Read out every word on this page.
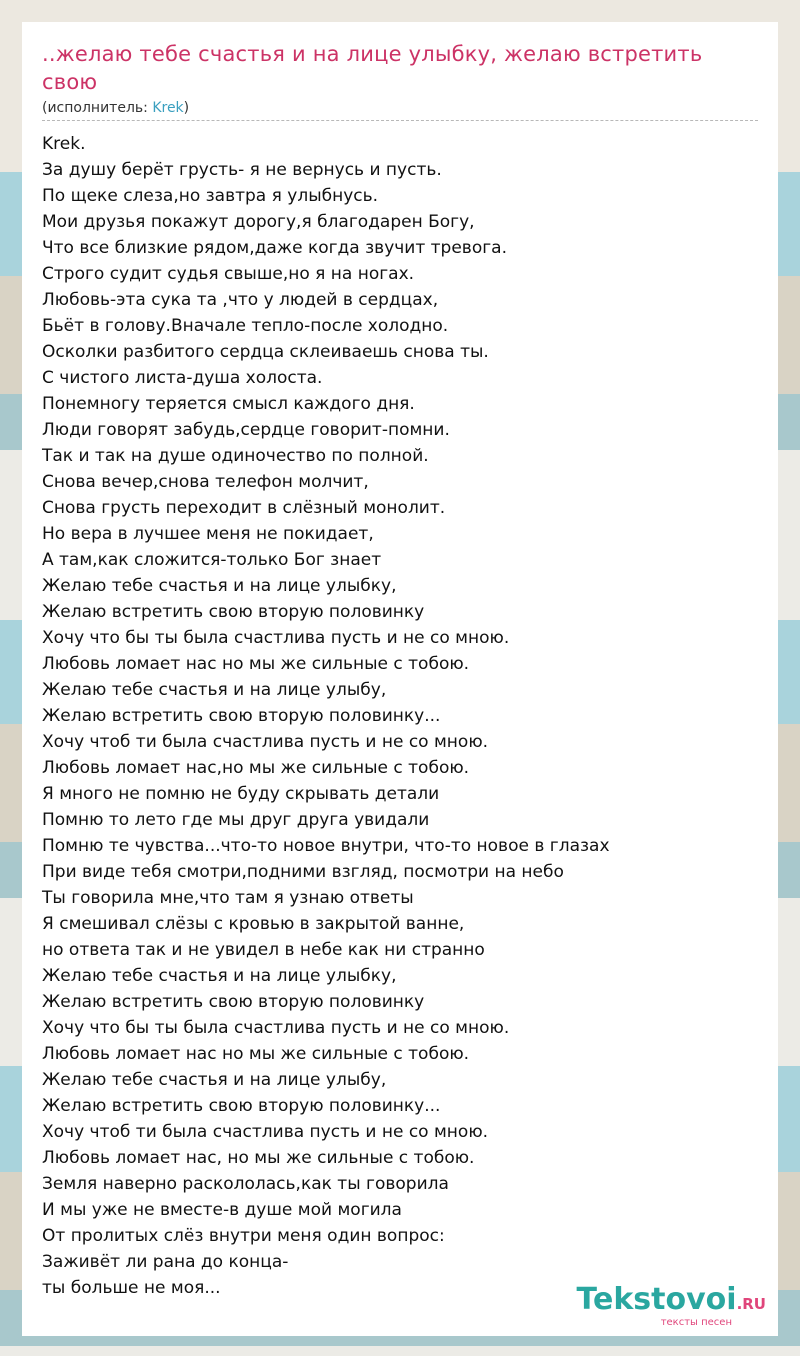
..желаю тебе счастья и на лице улыбку, желаю встретить свою
(исполнитель: Krek)
Krek.
За душу берёт грусть- я не вернусь и пусть.
По щеке слеза,но завтра я улыбнусь.
Мои друзья покажут дорогу,я благодарен Богу,
Что все близкие рядом,даже когда звучит тревога.
Строго судит судья свыше,но я на ногах.
Любовь-эта сука та ,что у людей в сердцах,
Бьёт в голову.Вначале тепло-после холодно.
Осколки разбитого сердца склеиваешь снова ты.
С чистого листа-душа холоста.
Понемногу теряется смысл каждого дня.
Люди говорят забудь,сердце говорит-помни.
Так и так на душе одиночество по полной.
Снова вечер,снова телефон молчит,
Снова грусть переходит в слёзный монолит.
Но вера в лучшее меня не покидает,
А там,как сложится-только Бог знает
Желаю тебе счастья и на лице улыбку,
Желаю встретить свою вторую половинку
Хочу что бы ты была счастлива пусть и не со мною.
Любовь ломает нас но мы же сильные с тобою.
Желаю тебе счастья и на лице улыбу,
Желаю встретить свою вторую половинку...
Хочу чтоб ти была счастлива пусть и не со мною.
Любовь ломает нас,но мы же сильные с тобою.
Я много не помню не буду скрывать детали
Помню то лето где мы друг друга увидали
Помню те чувства...что-то новое внутри, что-то новое в глазах
При виде тебя смотри,подними взгляд, посмотри на небо
Ты говорила мне,что там я узнаю ответы
Я смешивал слёзы с кровью в закрытой ванне,
но ответа так и не увидел в небе как ни странно
Желаю тебе счастья и на лице улыбку,
Желаю встретить свою вторую половинку
Хочу что бы ты была счастлива пусть и не со мною.
Любовь ломает нас но мы же сильные с тобою.
Желаю тебе счастья и на лице улыбу,
Желаю встретить свою вторую половинку...
Хочу чтоб ти была счастлива пусть и не со мною.
Любовь ломает нас, но мы же сильные с тобою.
Земля наверно раскололась,как ты говорила
И мы уже не вместе-в душе мой могила
От пролитых слёз внутри меня один вопрос:
Заживёт ли рана до конца-
ты больше не моя...	Tekstovoi.RU
тексты песен
